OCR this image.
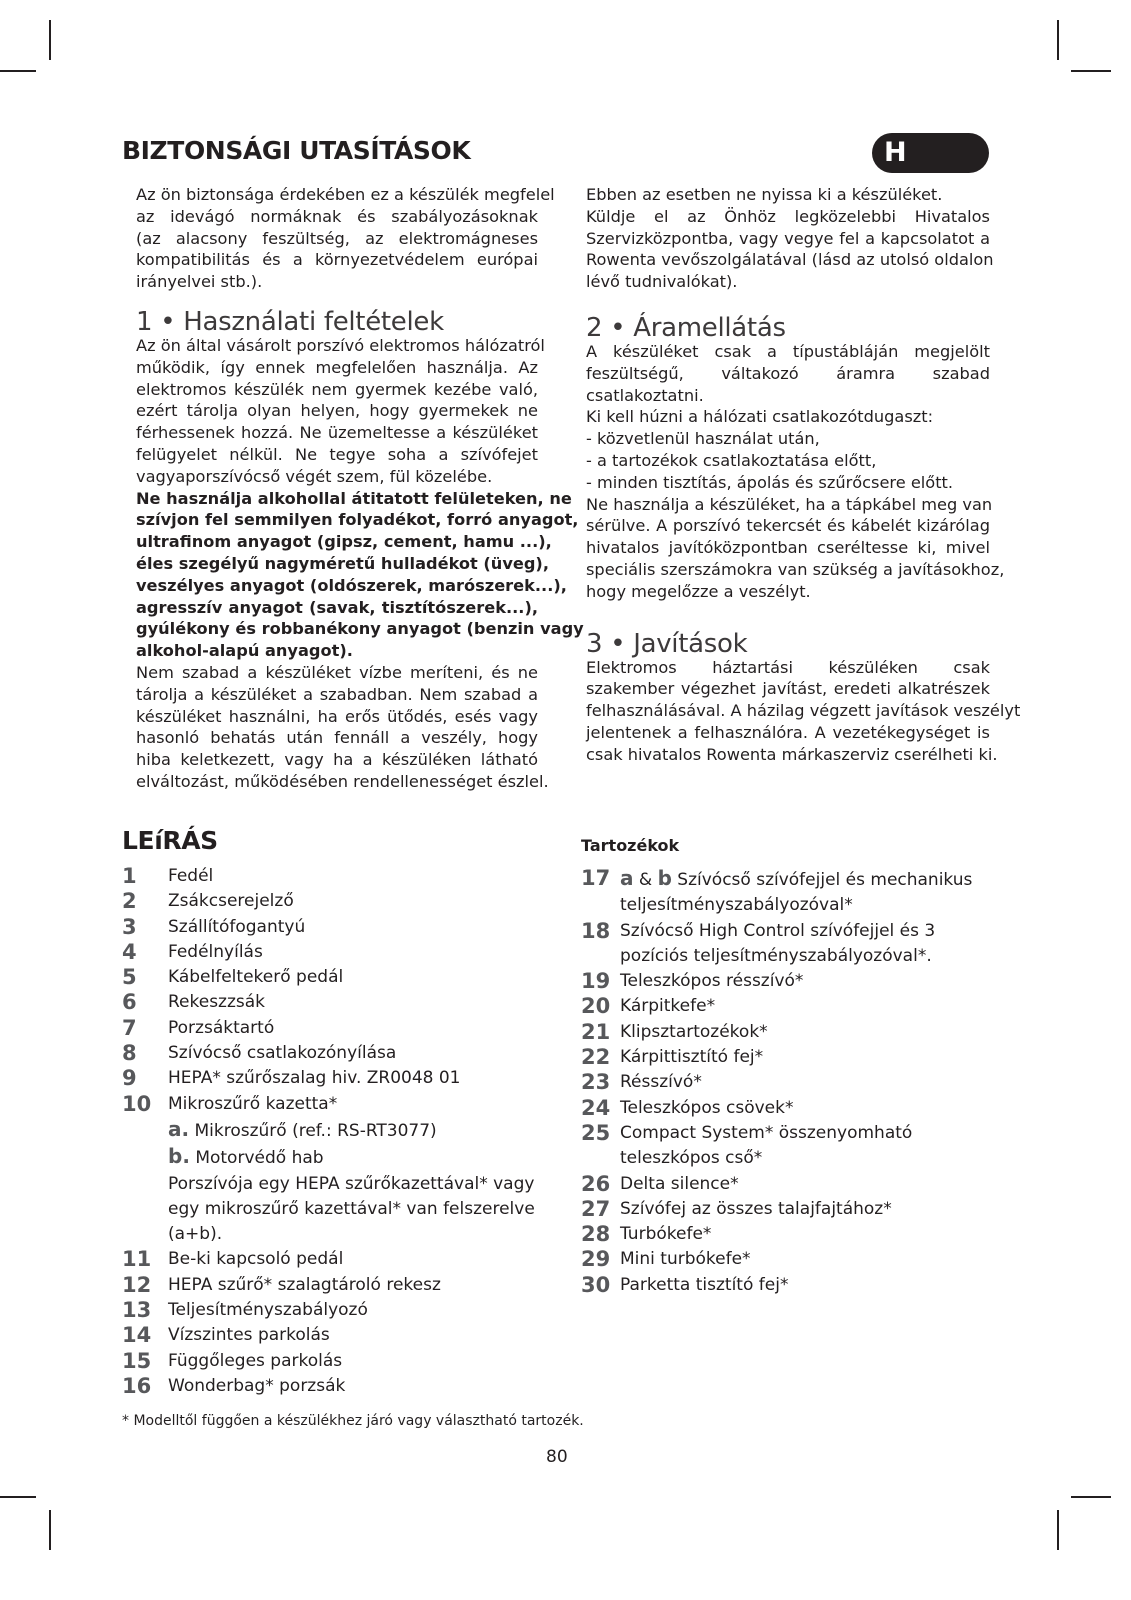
BIZTONSÁGI UTASÍTÁSOK	H

Az ön biztonsága érdekében ez a készülék megfelel
az idevágó normáknak és szabályozásoknak
(az alacsony feszültség, az elektromágneses
kompatibilitás és a környezetvédelem európai
irányelvei stb.).

1 • Használati feltételek

Az ön által vásárolt porszívó elektromos hálózatról
működik, így ennek megfelelően használja. Az
elektromos készülék nem gyermek kezébe való,
ezért tárolja olyan helyen, hogy gyermekek ne
férhessenek hozzá. Ne üzemeltesse a készüléket
felügyelet nélkül. Ne tegye soha a szívófejet
vagyaporszívócső végét szem, fül közelébe.

Ne használja alkohollal átitatott felületeken, ne
szívjon fel semmilyen folyadékot, forró anyagot,
ultrafinom anyagot (gipsz, cement, hamu ...),
éles szegélyű nagyméretű hulladékot (üveg),
veszélyes anyagot (oldószerek, marószerek...),
agresszív anyagot (savak, tisztítószerek...),
gyúlékony és robbanékony anyagot (benzin vagy
alkohol-alapú anyagot).

Nem szabad a készüléket vízbe meríteni, és ne
tárolja a készüléket a szabadban. Nem szabad a
készüléket használni, ha erős ütődés, esés vagy
hasonló behatás után fennáll a veszély, hogy
hiba keletkezett, vagy ha a készüléken látható
elváltozást, működésében rendellenességet észlel.

Ebben az esetben ne nyissa ki a készüléket.
Küldje el az Önhöz legközelebbi Hivatalos
Szervizközpontba, vagy vegye fel a kapcsolatot a
Rowenta vevőszolgálatával (lásd az utolsó oldalon
lévő tudnivalókat).

2 • Áramellátás

A készüléket csak a típustábláján megjelölt
feszültségű, váltakozó áramra szabad
csatlakoztatni.
Ki kell húzni a hálózati csatlakozótdugaszt:
- közvetlenül használat után,
- a tartozékok csatlakoztatása előtt,
- minden tisztítás, ápolás és szűrőcsere előtt.
Ne használja a készüléket, ha a tápkábel meg van
sérülve. A porszívó tekercsét és kábelét kizárólag
hivatalos javítóközpontban cseréltesse ki, mivel
speciális szerszámokra van szükség a javításokhoz,
hogy megelőzze a veszélyt.

3 • Javítások

Elektromos háztartási készüléken csak
szakember végezhet javítást, eredeti alkatrészek
felhasználásával. A házilag végzett javítások veszélyt
jelentenek a felhasználóra. A vezetékegységet is
csak hivatalos Rowenta márkaszerviz cserélheti ki.

LEíRÁS
1	Fedél
2	Zsákcserejelző
3	Szállítófogantyú
4	Fedélnyílás
5	Kábelfeltekerő pedál
6	Rekeszzsák
7	Porzsáktartó
8	Szívócső csatlakozónyílása
9	HEPA* szűrőszalag hiv. ZR0048 01
10 Mikroszűrő kazetta*
a. Mikroszűrő (ref.: RS-RT3077)
b. Motorvédő hab
Porszívója egy HEPA szűrőkazettával* vagy
egy mikroszűrő kazettával* van felszerelve
(a+b).
11 Be-ki kapcsoló pedál
12 HEPA szűrő* szalagtároló rekesz
13 Teljesítményszabályozó
14 Vízszintes parkolás
15 Függőleges parkolás
16 Wonderbag* porzsák
Tartozékok
17 a & b Szívócső szívófejjel és mechanikus
teljesítményszabályozóval*
18 Szívócső High Control szívófejjel és 3
pozíciós teljesítményszabályozóval*.
19 Teleszkópos résszívó*
20 Kárpitkefe*
21 Klipsztartozékok*
22 Kárpittisztító fej*
23 Résszívó*
24 Teleszkópos csövek*
25 Compact System* összenyomható
teleszkópos cső*
26 Delta silence*
27 Szívófej az összes talajfajtához*
28 Turbókefe*
29 Mini turbókefe*
30 Parketta tisztító fej*
* Modelltől függően a készülékhez járó vagy választható tartozék.
80
